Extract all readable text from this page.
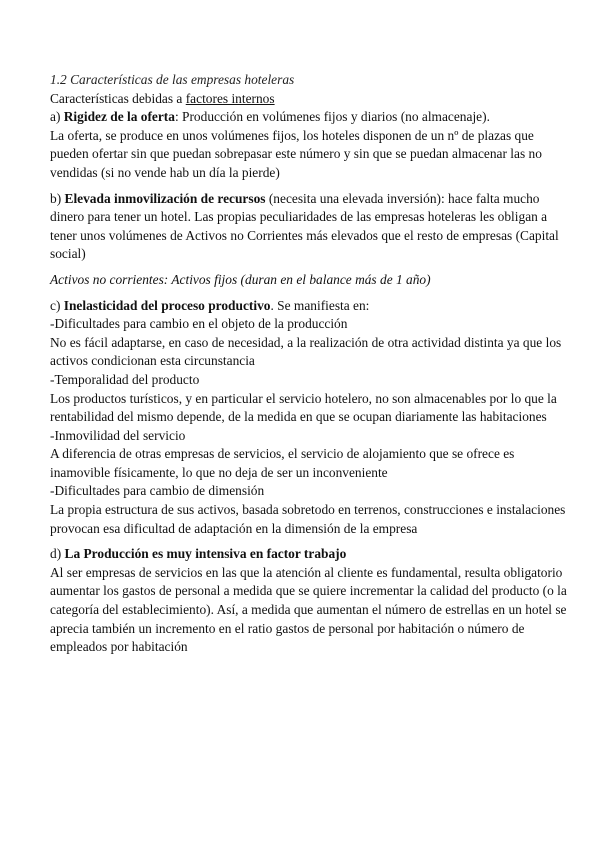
1.2 Características de las empresas hoteleras

Características debidas a factores internos

a) Rigidez de la oferta: Producción en volúmenes fijos y diarios (no almacenaje).

La oferta, se produce en unos volúmenes fijos, los hoteles disponen de un nº de plazas que pueden ofertar sin que puedan sobrepasar este número y sin que se puedan almacenar las no vendidas (si no vende hab un día la pierde)

b) Elevada inmovilización de recursos (necesita una elevada inversión): hace falta mucho dinero para tener un hotel. Las propias peculiaridades de las empresas hoteleras les obligan a tener unos volúmenes de Activos no Corrientes más elevados que el resto de empresas (Capital social)

Activos no corrientes: Activos fijos (duran en el balance más de 1 año)

c) Inelasticidad del proceso productivo. Se manifiesta en:

-Dificultades para cambio en el objeto de la producción

No es fácil adaptarse, en caso de necesidad, a la realización de otra actividad distinta ya que los activos condicionan esta circunstancia

-Temporalidad del producto

Los productos turísticos, y en particular el servicio hotelero, no son almacenables por lo que la rentabilidad del mismo depende, de la medida en que se ocupan diariamente las habitaciones

-Inmovilidad del servicio

A diferencia de otras empresas de servicios, el servicio de alojamiento que se ofrece es inamovible físicamente, lo que no deja de ser un inconveniente

-Dificultades para cambio de dimensión

La propia estructura de sus activos, basada sobretodo en terrenos, construcciones e instalaciones provocan esa dificultad de adaptación en la dimensión de la empresa

d) La Producción es muy intensiva en factor trabajo

Al ser empresas de servicios en las que la atención al cliente es fundamental, resulta obligatorio aumentar los gastos de personal a medida que se quiere incrementar la calidad del producto (o la categoría del establecimiento). Así, a medida que aumentan el número de estrellas en un hotel se aprecia también un incremento en el ratio gastos de personal por habitación o número de empleados por habitación
